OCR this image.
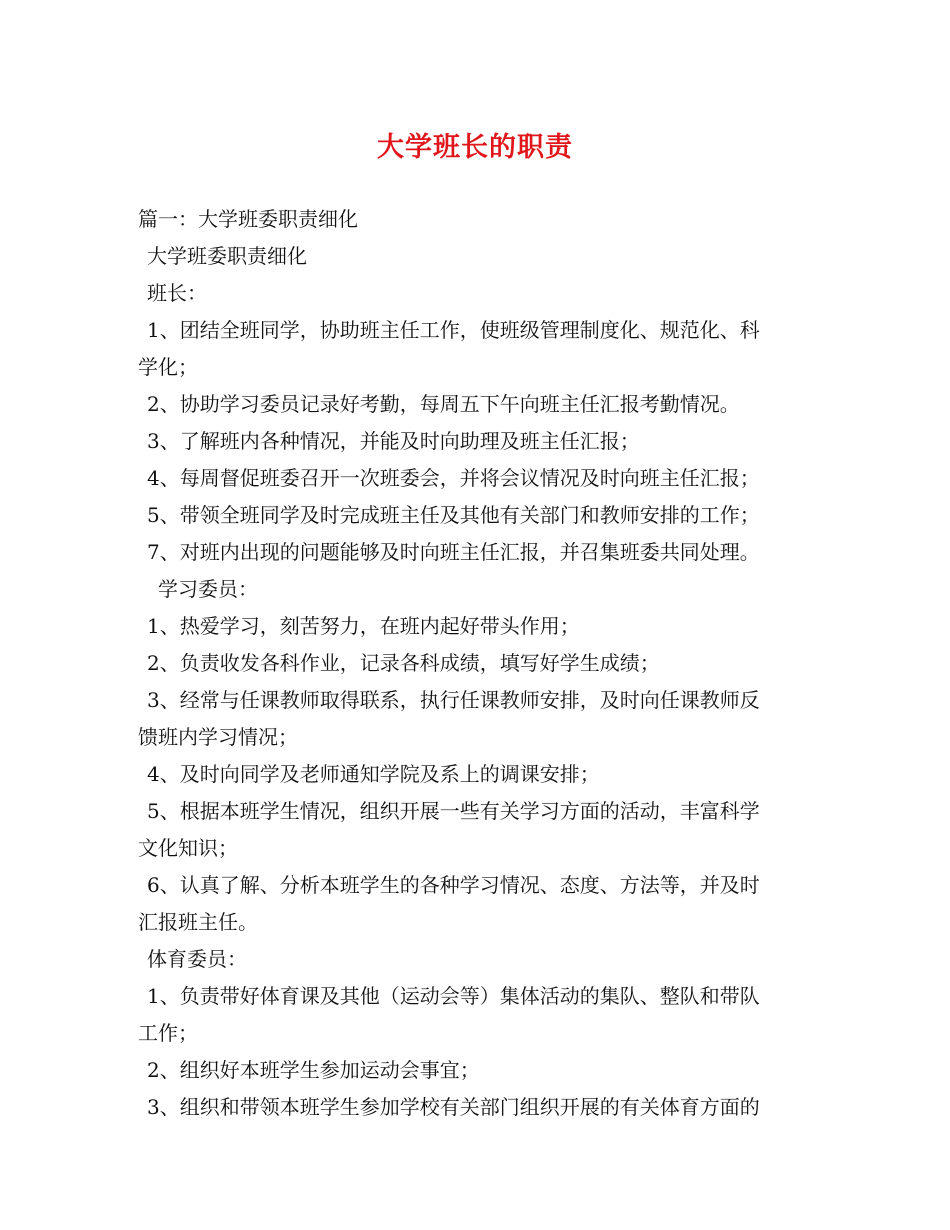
大学班长的职责
篇一：大学班委职责细化
大学班委职责细化
班长：
1、团结全班同学，协助班主任工作，使班级管理制度化、规范化、科
学化；
2、协助学习委员记录好考勤，每周五下午向班主任汇报考勤情况。
3、了解班内各种情况，并能及时向助理及班主任汇报；
4、每周督促班委召开一次班委会，并将会议情况及时向班主任汇报；
5、带领全班同学及时完成班主任及其他有关部门和教师安排的工作；
7、对班内出现的问题能够及时向班主任汇报，并召集班委共同处理。
学习委员：
1、热爱学习，刻苦努力，在班内起好带头作用；
2、负责收发各科作业，记录各科成绩，填写好学生成绩；
3、经常与任课教师取得联系，执行任课教师安排，及时向任课教师反
馈班内学习情况；
4、及时向同学及老师通知学院及系上的调课安排；
5、根据本班学生情况，组织开展一些有关学习方面的活动，丰富科学
文化知识；
6、认真了解、分析本班学生的各种学习情况、态度、方法等，并及时
汇报班主任。
体育委员：
1、负责带好体育课及其他（运动会等）集体活动的集队、整队和带队
工作；
2、组织好本班学生参加运动会事宜；
3、组织和带领本班学生参加学校有关部门组织开展的有关体育方面的
